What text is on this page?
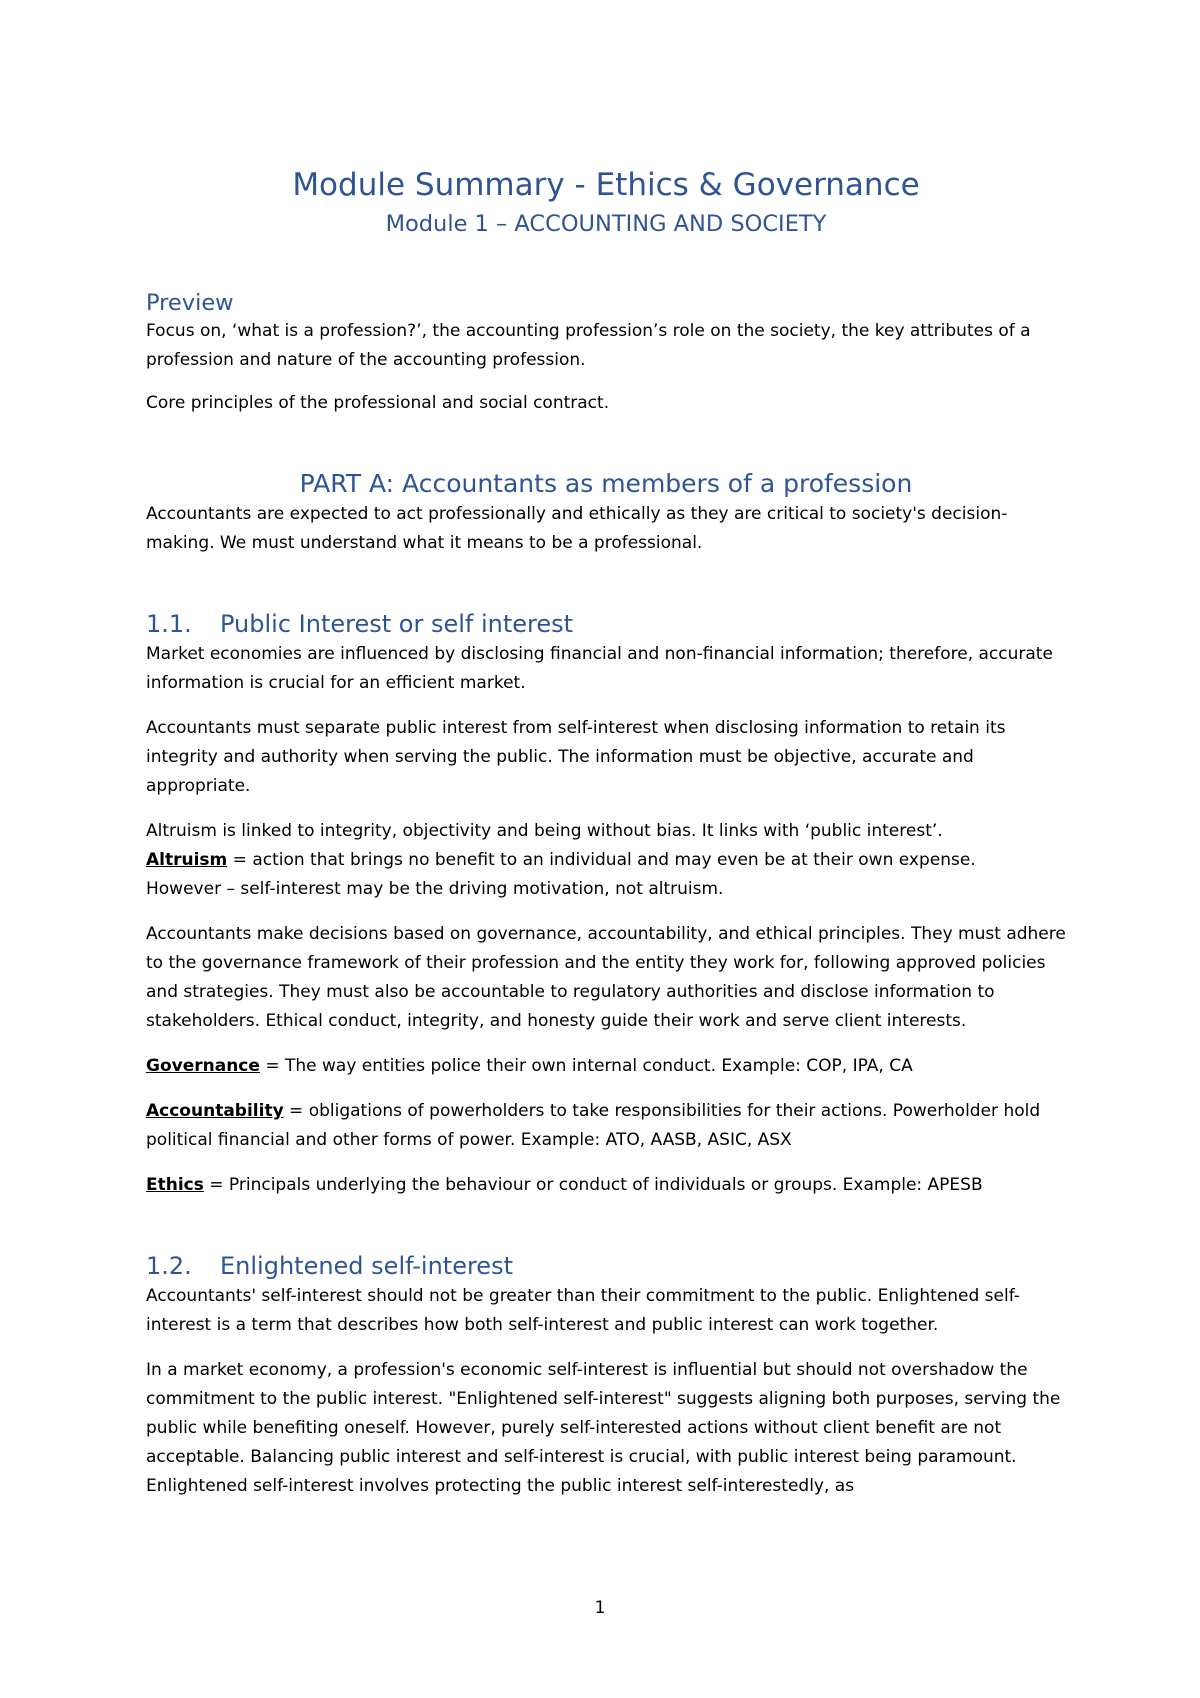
Module Summary - Ethics & Governance
Module 1 – ACCOUNTING AND SOCIETY
Preview

Focus on, ‘what is a profession?’, the accounting profession’s role on the society, the key attributes of a profession and nature of the accounting profession.

Core principles of the professional and social contract.

PART A: Accountants as members of a profession

Accountants are expected to act professionally and ethically as they are critical to society's decision-making. We must understand what it means to be a professional.

1.1. Public Interest or self interest

Market economies are influenced by disclosing financial and non-financial information; therefore, accurate information is crucial for an efficient market.

Accountants must separate public interest from self-interest when disclosing information to retain its integrity and authority when serving the public. The information must be objective, accurate and appropriate.

Altruism is linked to integrity, objectivity and being without bias. It links with ‘public interest’.
Altruism = action that brings no benefit to an individual and may even be at their own expense.
However – self-interest may be the driving motivation, not altruism.

Accountants make decisions based on governance, accountability, and ethical principles. They must adhere to the governance framework of their profession and the entity they work for, following approved policies and strategies. They must also be accountable to regulatory authorities and disclose information to stakeholders. Ethical conduct, integrity, and honesty guide their work and serve client interests.

Governance = The way entities police their own internal conduct. Example: COP, IPA, CA

Accountability = obligations of powerholders to take responsibilities for their actions. Powerholder hold political financial and other forms of power. Example: ATO, AASB, ASIC, ASX

Ethics = Principals underlying the behaviour or conduct of individuals or groups. Example: APESB

1.2. Enlightened self-interest

Accountants' self-interest should not be greater than their commitment to the public. Enlightened self-interest is a term that describes how both self-interest and public interest can work together.

In a market economy, a profession's economic self-interest is influential but should not overshadow the commitment to the public interest. "Enlightened self-interest" suggests aligning both purposes, serving the public while benefiting oneself. However, purely self-interested actions without client benefit are not acceptable. Balancing public interest and self-interest is crucial, with public interest being paramount. Enlightened self-interest involves protecting the public interest self-interestedly, as

1
